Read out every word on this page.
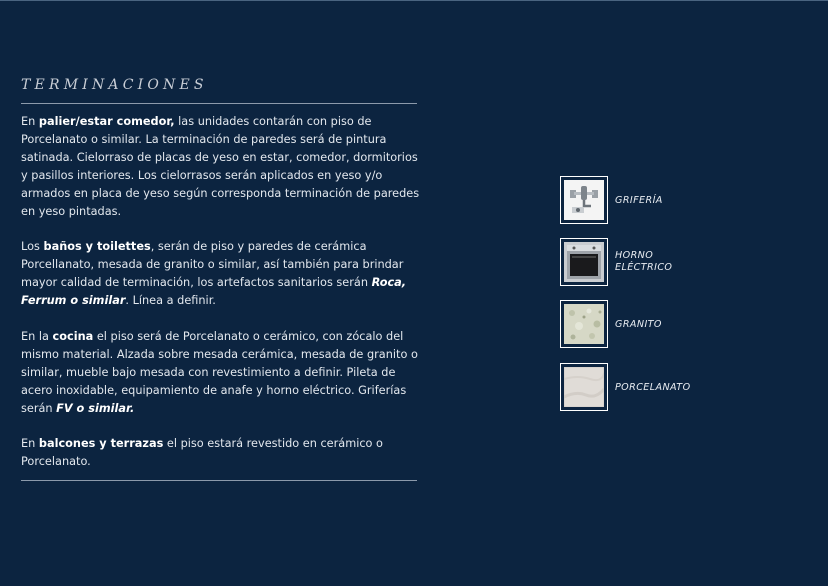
TERMINACIONES

En palier/estar comedor, las unidades contarán con piso de Porcelanato o similar. La terminación de paredes será de pintura satinada. Cielorraso de placas de yeso en estar, comedor, dormitorios y pasillos interiores. Los cielorrasos serán aplicados en yeso y/o armados en placa de yeso según corresponda terminación de paredes en yeso pintadas.

Los baños y toilettes, serán de piso y paredes de cerámica Porcellanato, mesada de granito o similar, así también para brindar mayor calidad de terminación, los artefactos sanitarios serán Roca, Ferrum o similar. Línea a definir.

En la cocina el piso será de Porcelanato o cerámico, con zócalo del mismo material. Alzada sobre mesada cerámica, mesada de granito o similar, mueble bajo mesada con revestimiento a definir. Pileta de acero inoxidable, equipamiento de anafe y horno eléctrico. Griferías serán FV o similar.

En balcones y terrazas el piso estará revestido en cerámico o Porcelanato.

GRIFERÍA
HORNO
ELÉCTRICO
GRANITO
PORCELANATO
